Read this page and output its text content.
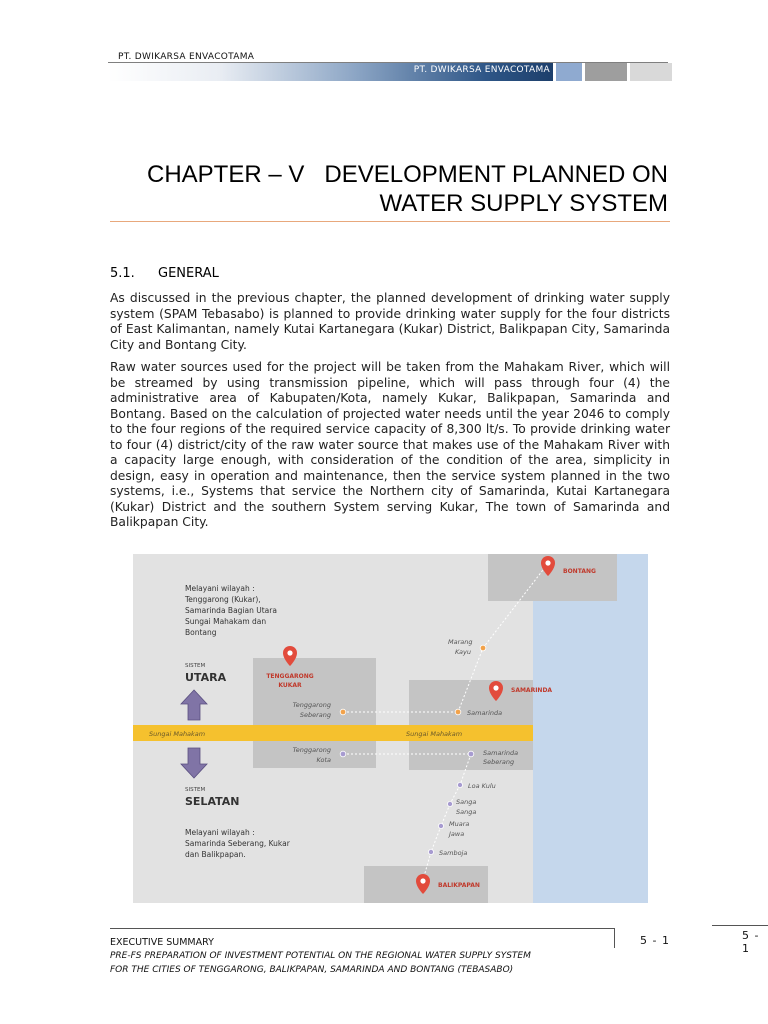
PT. DWIKARSA ENVACOTAMA
PT. DWIKARSA ENVACOTAMA
CHAPTER – V   DEVELOPMENT PLANNED ON
WATER SUPPLY SYSTEM
5.1. GENERAL
As discussed in the previous chapter, the planned development of drinking water supply system (SPAM Tebasabo) is planned to provide drinking water supply for the four districts of East Kalimantan, namely Kutai Kartanegara (Kukar) District, Balikpapan City, Samarinda City and Bontang City.
Raw water sources used for the project will be taken from the Mahakam River, which will be streamed by using transmission pipeline, which will pass through four (4) the administrative area of Kabupaten/Kota, namely Kukar, Balikpapan, Samarinda and Bontang. Based on the calculation of projected water needs until the year 2046 to comply to the four regions of the required service capacity of 8,300 lt/s. To provide drinking water to four (4) district/city of the raw water source that makes use of the Mahakam River with a capacity large enough, with consideration of the condition of the area, simplicity in design, easy in operation and maintenance, then the service system planned in the two systems, i.e., Systems that service the Northern city of Samarinda, Kutai Kartanegara (Kukar) District and the southern System serving Kukar, The town of Samarinda and Balikpapan City.
Sungai Mahakam	Sungai Mahakam
Melayani wilayah :
Tenggarong (Kukar),
Samarinda Bagian Utara
Sungai Mahakam dan
Bontang
SISTEM
UTARA
SISTEM
SELATAN
Melayani wilayah :
Samarinda Seberang, Kukar
dan Balikpapan.
BONTANG
TENGGARONG
KUKAR
SAMARINDA
BALIKPAPAN
Marang
Kayu
Tenggarong
Seberang	Samarinda
Tenggarong
Kota
Samarinda
Seberang
Loa Kulu
Sanga
Sanga
Muara
Jawa
Samboja
EXECUTIVE SUMMARY
PRE-FS PREPARATION OF INVESTMENT POTENTIAL ON THE REGIONAL WATER SUPPLY SYSTEM
FOR THE CITIES OF TENGGARONG, BALIKPAPAN, SAMARINDA AND BONTANG (TEBASABO)
5 - 1	5 - 1
